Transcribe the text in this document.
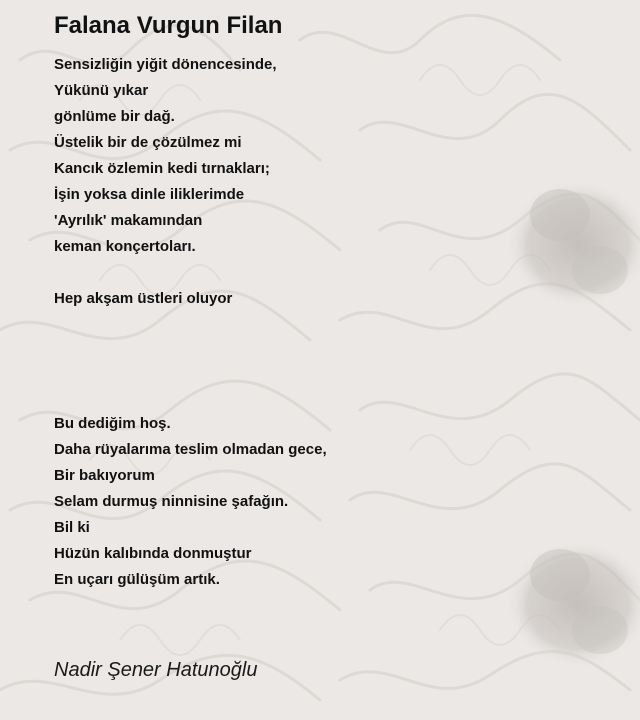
Falana Vurgun Filan
Sensizliğin yiğit dönencesinde,
Yükünü yıkar
gönlüme bir dağ.
Üstelik bir de çözülmez mi
Kancık özlemin kedi tırnakları;
İşin yoksa dinle iliklerimde
'Ayrılık' makamından
keman konçertoları.
Hep akşam üstleri oluyor
Bu dediğim hoş.
Daha rüyalarıma teslim olmadan gece,
Bir bakıyorum
Selam durmuş ninnisine şafağın.
Bil ki
Hüzün kalıbında donmuştur
En uçarı gülüşüm artık.

Nadir Şener Hatunoğlu
